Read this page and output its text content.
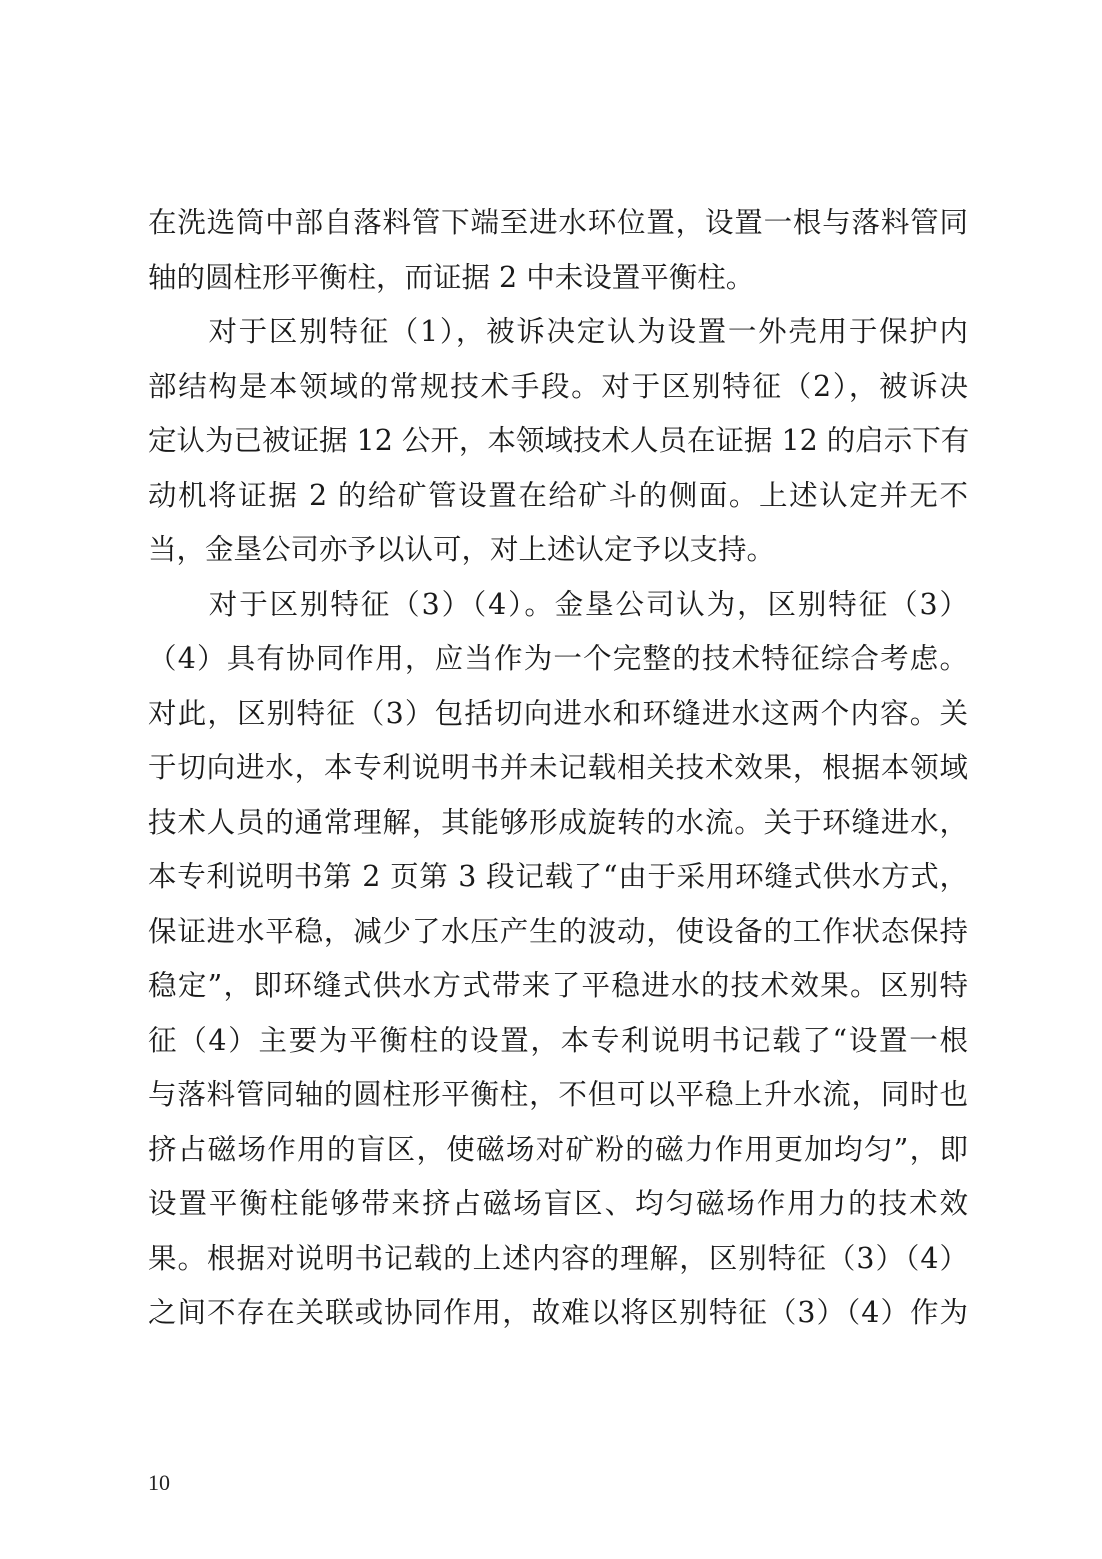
在洗选筒中部自落料管下端至进水环位置，设置一根与落料管同
轴的圆柱形平衡柱，而证据 2 中未设置平衡柱。
　　对于区别特征（1），被诉决定认为设置一外壳用于保护内
部结构是本领域的常规技术手段。对于区别特征（2），被诉决
定认为已被证据 12 公开，本领域技术人员在证据 12 的启示下有
动机将证据 2 的给矿管设置在给矿斗的侧面。上述认定并无不
当，金垦公司亦予以认可，对上述认定予以支持。
　　对于区别特征（3）（4）。金垦公司认为，区别特征（3）
（4）具有协同作用，应当作为一个完整的技术特征综合考虑。
对此，区别特征（3）包括切向进水和环缝进水这两个内容。关
于切向进水，本专利说明书并未记载相关技术效果，根据本领域
技术人员的通常理解，其能够形成旋转的水流。关于环缝进水，
本专利说明书第 2 页第 3 段记载了“由于采用环缝式供水方式，
保证进水平稳，减少了水压产生的波动，使设备的工作状态保持
稳定”，即环缝式供水方式带来了平稳进水的技术效果。区别特
征（4）主要为平衡柱的设置，本专利说明书记载了“设置一根
与落料管同轴的圆柱形平衡柱，不但可以平稳上升水流，同时也
挤占磁场作用的盲区，使磁场对矿粉的磁力作用更加均匀”，即
设置平衡柱能够带来挤占磁场盲区、均匀磁场作用力的技术效
果。根据对说明书记载的上述内容的理解，区别特征（3）（4）
之间不存在关联或协同作用，故难以将区别特征（3）（4）作为
10
